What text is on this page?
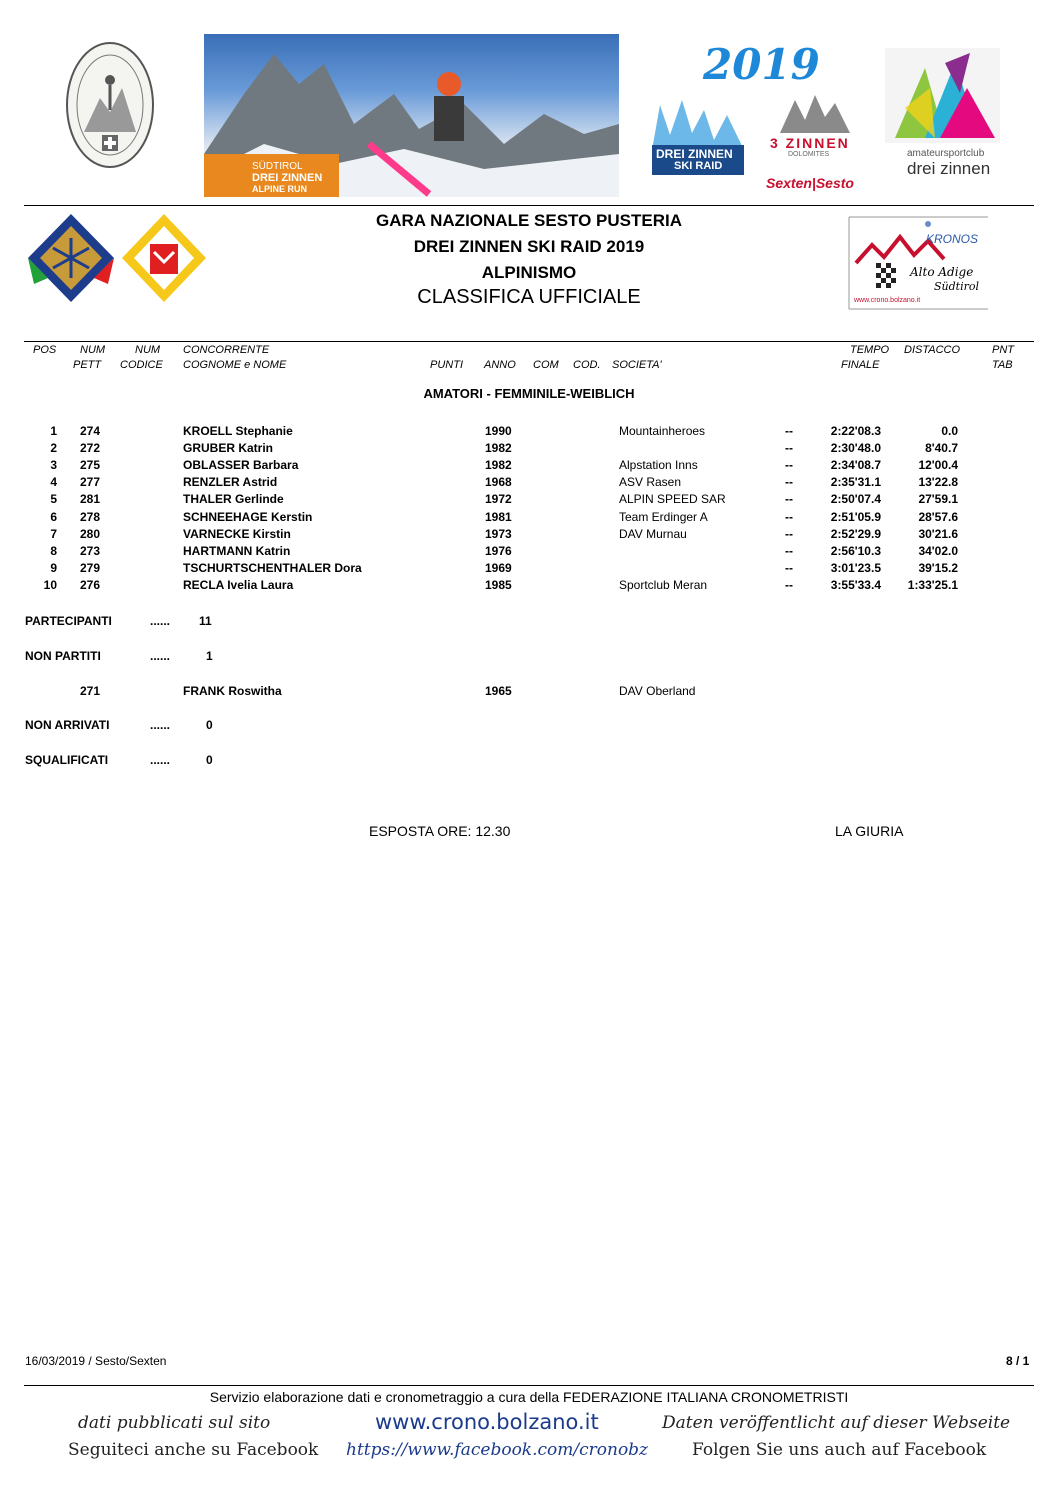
SÜDTIROL
DREI ZINNEN
ALPINE RUN
2019
DREI ZINNEN
SKI RAID
3 ZINNEN
DOLOMITES
Sexten|Sesto
amateursportclub
drei zinnen
GARA NAZIONALE SESTO PUSTERIA
DREI ZINNEN SKI RAID 2019
ALPINISMO
CLASSIFICA UFFICIALE
KRONOS
Alto Adige
Südtirol
www.crono.bolzano.it
POS NUM	NUM CONCORRENTE	TEMPO DISTACCO	PNT
PETT CODICE COGNOME e NOME	PUNTI ANNO COM COD. SOCIETA'	FINALE	TAB
AMATORI - FEMMINILE-WEIBLICH
1 274	KROELL Stephanie	1990	Mountainheroes	--	2:22'08.3	0.0
2 272	GRUBER Katrin	1982	--	2:30'48.0	8'40.7
3 275	OBLASSER Barbara	1982	Alpstation Inns	--	2:34'08.7	12'00.4
4 277	RENZLER Astrid	1968	ASV Rasen	--	2:35'31.1	13'22.8
5 281	THALER Gerlinde	1972	ALPIN SPEED SAR	--	2:50'07.4	27'59.1
6 278	SCHNEEHAGE Kerstin	1981	Team Erdinger A	--	2:51'05.9	28'57.6
7 280	VARNECKE Kirstin	1973	DAV Murnau	--	2:52'29.9	30'21.6
8 273	HARTMANN Katrin	1976	--	2:56'10.3	34'02.0
9 279	TSCHURTSCHENTHALER Dora	1969	--	3:01'23.5	39'15.2
10 276	RECLA Ivelia Laura	1985	Sportclub Meran	--	3:55'33.4 1:33'25.1
PARTECIPANTI	...... 11
NON PARTITI	......	1
271	FRANK Roswitha	1965	DAV Oberland
NON ARRIVATI	......	0
SQUALIFICATI	......	0
ESPOSTA ORE: 12.30	LA GIURIA
16/03/2019 / Sesto/Sexten	8 / 1
Servizio elaborazione dati e cronometraggio a cura della FEDERAZIONE ITALIANA CRONOMETRISTI
dati pubblicati sul sito	www.crono.bolzano.it	Daten veröffentlicht auf dieser Webseite
Seguiteci anche su Facebook https://www.facebook.com/cronobz	Folgen Sie uns auch auf Facebook
